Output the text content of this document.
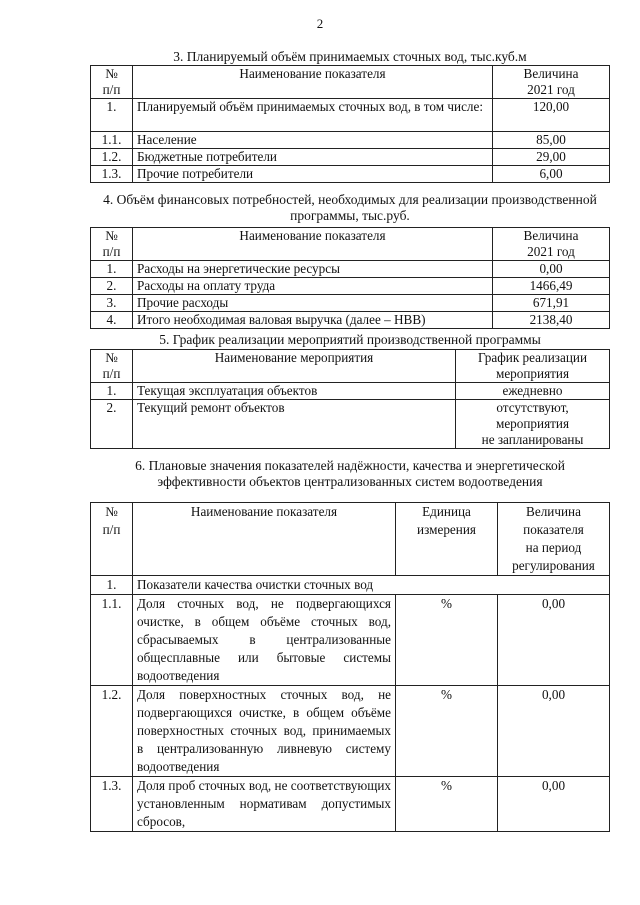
2
3. Планируемый объём принимаемых сточных вод, тыс.куб.м
№
п/п	Наименование показателя	Величина
2021 год
1.	Планируемый объём принимаемых сточных вод, в том числе:	120,00
1.1.	Население	85,00
1.2.	Бюджетные потребители	29,00
1.3.	Прочие потребители	6,00
4. Объём финансовых потребностей, необходимых для реализации производственной программы, тыс.руб.
№
п/п	Наименование показателя	Величина
2021 год
1.	Расходы на энергетические ресурсы	0,00
2.	Расходы на оплату труда	1466,49
3.	Прочие расходы	671,91
4.	Итого необходимая валовая выручка (далее – НВВ)	2138,40
5. График реализации мероприятий производственной программы
№
п/п	Наименование мероприятия	График реализации
мероприятия
1.	Текущая эксплуатация объектов	ежедневно
2.	Текущий ремонт объектов	отсутствуют,
мероприятия
не запланированы
6. Плановые значения показателей надёжности, качества и энергетической эффективности объектов централизованных систем водоотведения
№
п/п	Наименование показателя	Единица
измерения	Величина
показателя
на период
регулирования
1.	Показатели качества очистки сточных вод		
1.1.	Доля сточных вод, не подвергающихся очистке, в общем объёме сточных вод, сбрасываемых в централизованные общесплавные или бытовые системы водоотведения	%	0,00
1.2.	Доля поверхностных сточных вод, не подвергающихся очистке, в общем объёме поверхностных сточных вод, принимаемых в централизованную ливневую систему водоотведения	%	0,00
1.3.	Доля проб сточных вод, не соответствующих установленным нормативам допустимых сбросов,	%	0,00
